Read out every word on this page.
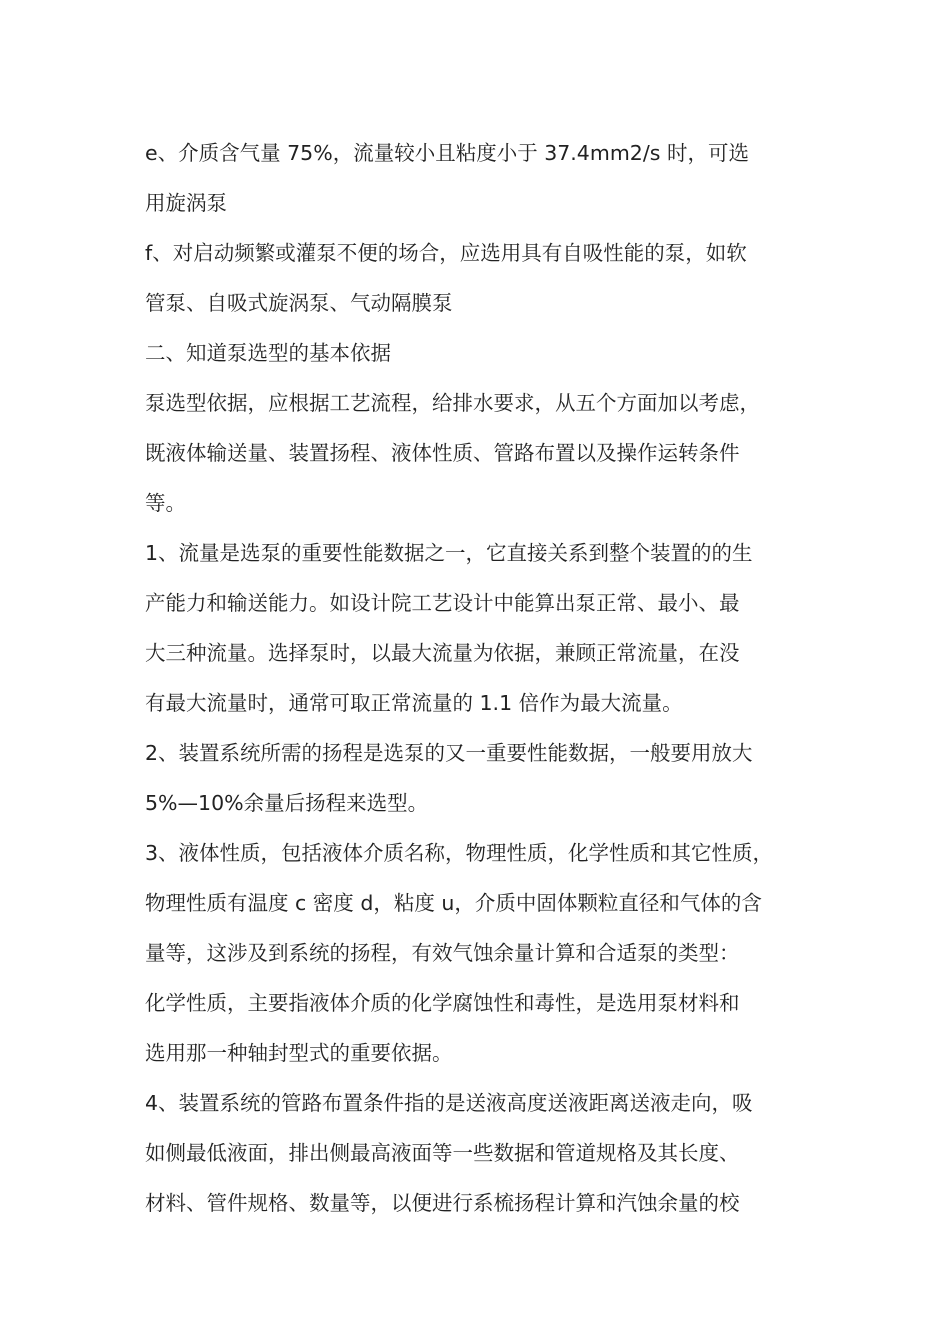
e、介质含气量 75%，流量较小且粘度小于 37.4mm2/s 时，可选
用旋涡泵

f、对启动频繁或灌泵不便的场合，应选用具有自吸性能的泵，如软
管泵、自吸式旋涡泵、气动隔膜泵

二、知道泵选型的基本依据

泵选型依据，应根据工艺流程，给排水要求，从五个方面加以考虑，
既液体输送量、装置扬程、液体性质、管路布置以及操作运转条件
等。

1、流量是选泵的重要性能数据之一，它直接关系到整个装置的的生
产能力和输送能力。如设计院工艺设计中能算出泵正常、最小、最
大三种流量。选择泵时，以最大流量为依据，兼顾正常流量，在没
有最大流量时，通常可取正常流量的 1.1 倍作为最大流量。

2、装置系统所需的扬程是选泵的又一重要性能数据，一般要用放大
5%—10%余量后扬程来选型。

3、液体性质，包括液体介质名称，物理性质，化学性质和其它性质，
物理性质有温度 c 密度 d，粘度 u，介质中固体颗粒直径和气体的含
量等，这涉及到系统的扬程，有效气蚀余量计算和合适泵的类型：
化学性质，主要指液体介质的化学腐蚀性和毒性，是选用泵材料和
选用那一种轴封型式的重要依据。

4、装置系统的管路布置条件指的是送液高度送液距离送液走向，吸
如侧最低液面，排出侧最高液面等一些数据和管道规格及其长度、
材料、管件规格、数量等，以便进行系梳扬程计算和汽蚀余量的校
